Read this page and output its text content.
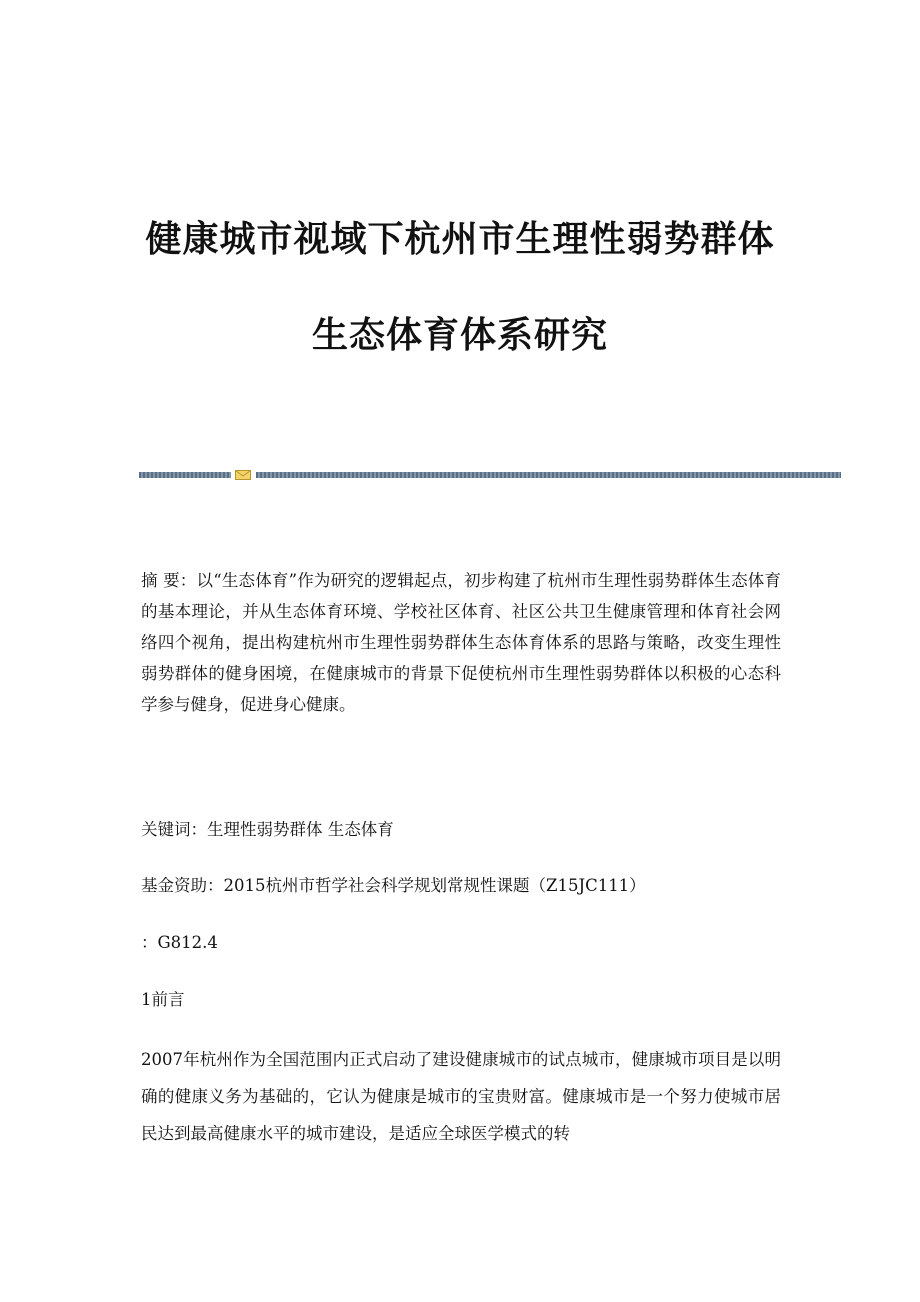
健康城市视域下杭州市生理性弱势群体
生态体育体系研究

摘 要：以“生态体育”作为研究的逻辑起点，初步构建了杭州市生理性弱势群体生态体育的基本理论，并从生态体育环境、学校社区体育、社区公共卫生健康管理和体育社会网络四个视角，提出构建杭州市生理性弱势群体生态体育体系的思路与策略，改变生理性弱势群体的健身困境，在健康城市的背景下促使杭州市生理性弱势群体以积极的心态科学参与健身，促进身心健康。

关键词：生理性弱势群体 生态体育

基金资助：2015杭州市哲学社会科学规划常规性课题（Z15JC111）

：G812.4

1前言

2007年杭州作为全国范围内正式启动了建设健康城市的试点城市，健康城市项目是以明确的健康义务为基础的，它认为健康是城市的宝贵财富。健康城市是一个努力使城市居民达到最高健康水平的城市建设，是适应全球医学模式的转
